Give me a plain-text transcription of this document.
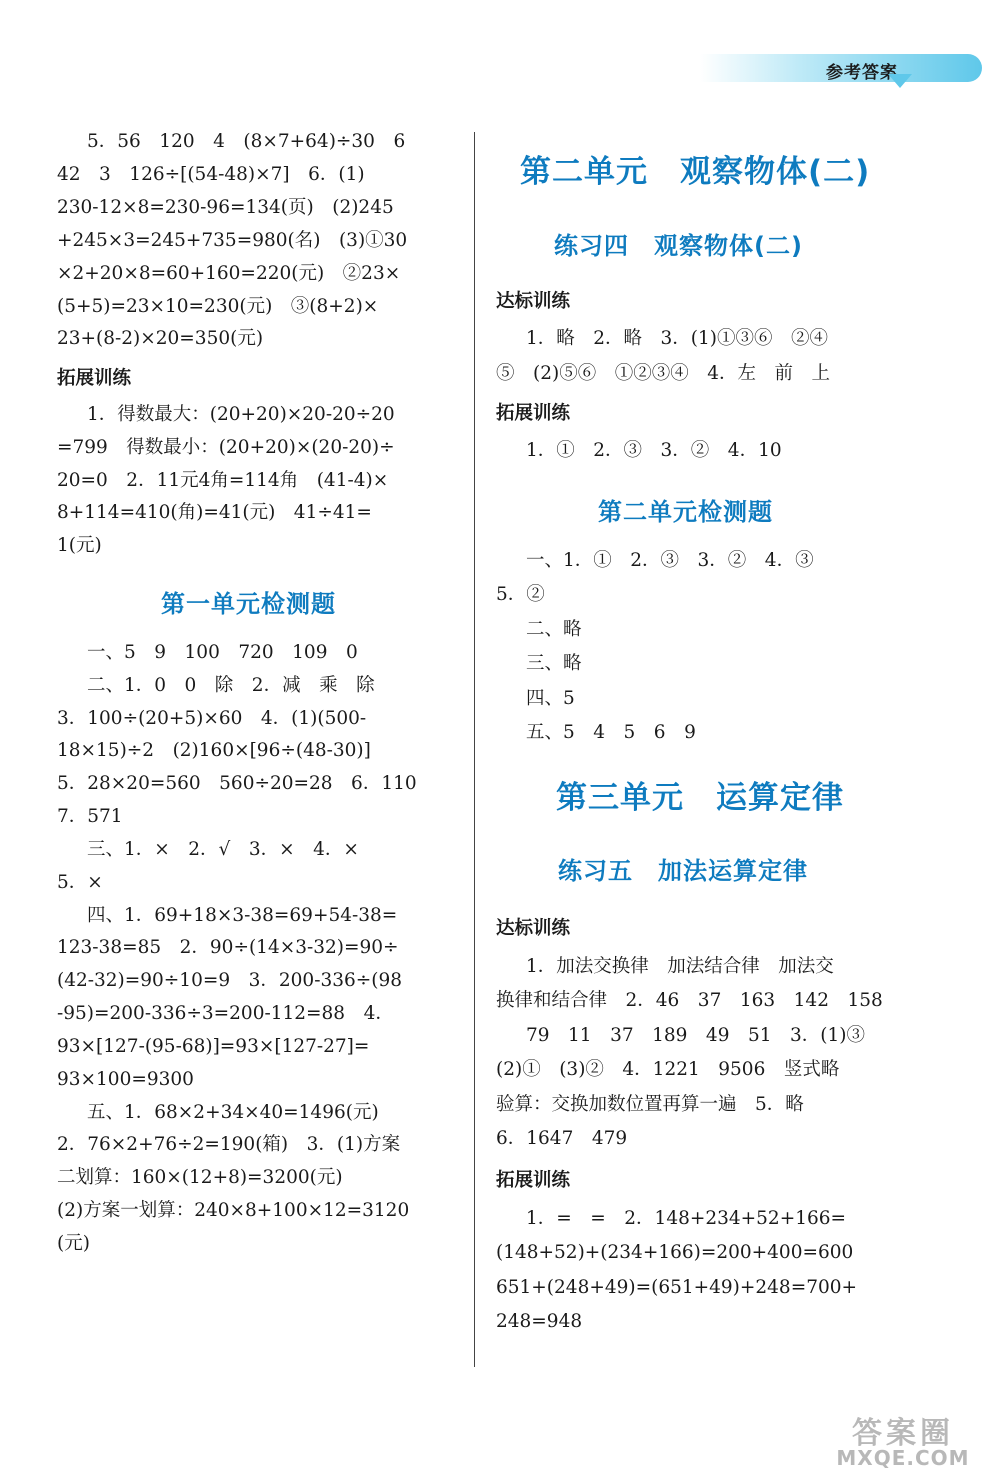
参考答案
5．56　120　4　(8×7+64)÷30　6
42　3　126÷[(54-48)×7]　6．(1)
230-12×8=230-96=134(页)　(2)245
+245×3=245+735=980(名)　(3)①30
×2+20×8=60+160=220(元)　②23×
(5+5)=23×10=230(元)　③(8+2)×
23+(8-2)×20=350(元)
拓展训练
1．得数最大：(20+20)×20-20÷20
=799　得数最小：(20+20)×(20-20)÷
20=0　2．11元4角=114角　(41-4)×
8+114=410(角)=41(元)　41÷41=
1(元)
第一单元检测题
一、5　9　100　720　109　0
二、1．0　0　除　2．减　乘　除
3．100÷(20+5)×60　4．(1)(500-
18×15)÷2　(2)160×[96÷(48-30)]
5．28×20=560　560÷20=28　6．110
7．571
三、1．×　2．√　3．×　4．×
5．×
四、1．69+18×3-38=69+54-38=
123-38=85　2．90÷(14×3-32)=90÷
(42-32)=90÷10=9　3．200-336÷(98
-95)=200-336÷3=200-112=88　4．
93×[127-(95-68)]=93×[127-27]=
93×100=9300
五、1．68×2+34×40=1496(元)
2．76×2+76÷2=190(箱)　3．(1)方案
二划算：160×(12+8)=3200(元)
(2)方案一划算：240×8+100×12=3120
(元)
第二单元　观察物体(二)
练习四　观察物体(二)
达标训练
1．略　2．略　3．(1)①③⑥　②④
⑤　(2)⑤⑥　①②③④　4．左　前　上
拓展训练
1．①　2．③　3．②　4．10
第二单元检测题
一、1．①　2．③　3．②　4．③
5．②
二、略
三、略
四、5
五、5　4　5　6　9
第三单元　运算定律
练习五　加法运算定律
达标训练
1．加法交换律　加法结合律　加法交
换律和结合律　2．46　37　163　142　158
79　11　37　189　49　51　3．(1)③
(2)①　(3)②　4．1221　9506　竖式略
验算：交换加数位置再算一遍　5．略
6．1647　479
拓展训练
1．=　=　2．148+234+52+166=
(148+52)+(234+166)=200+400=600
651+(248+49)=(651+49)+248=700+
248=948
答案圈
MXQE.COM
